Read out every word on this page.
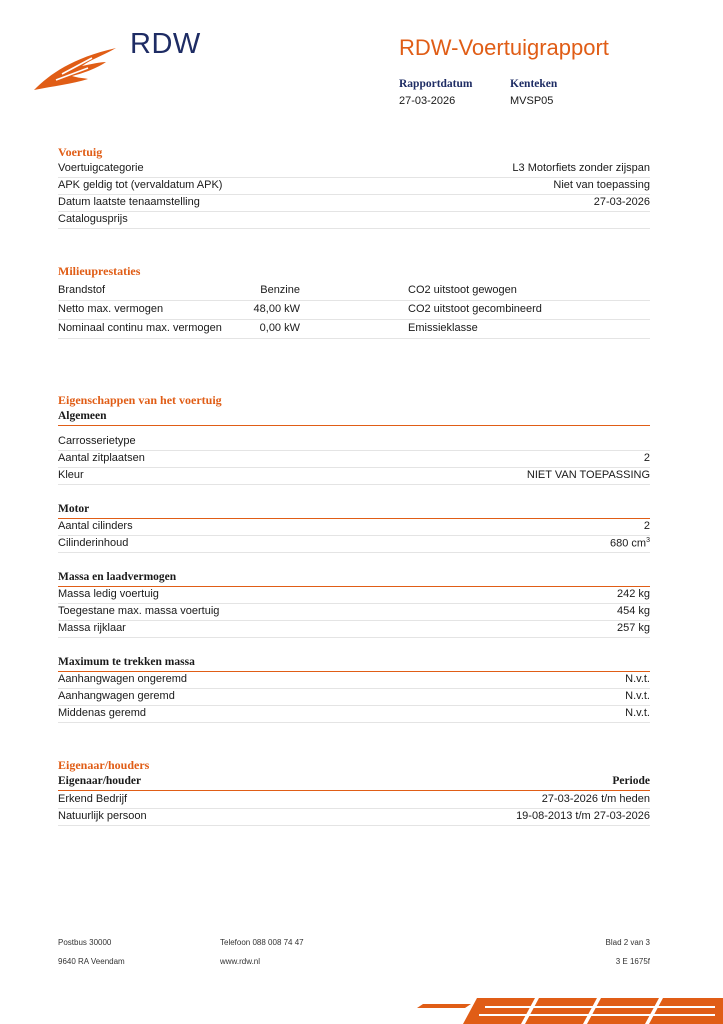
RDW	RDW-Voertuigrapport
Rapportdatum
27-03-2026
Kenteken
MVSP05
Voertuig
Voertuigcategorie	L3 Motorfiets zonder zijspan
APK geldig tot (vervaldatum APK)	Niet van toepassing
Datum laatste tenaamstelling	27-03-2026
Catalogusprijs
Milieuprestaties
Brandstof	Benzine	CO2 uitstoot gewogen
Netto max. vermogen	48,00 kW	CO2 uitstoot gecombineerd
Nominaal continu max. vermogen	0,00 kW	Emissieklasse
Eigenschappen van het voertuig
Algemeen
Carrosserietype
Aantal zitplaatsen	2
Kleur	NIET VAN TOEPASSING
Motor
Aantal cilinders	2
Cilinderinhoud	680 $cm^3$
Massa en laadvermogen
Massa ledig voertuig	242 kg
Toegestane max. massa voertuig	454 kg
Massa rijklaar	257 kg
Maximum te trekken massa
Aanhangwagen ongeremd	N.v.t.
Aanhangwagen geremd	N.v.t.
Middenas geremd	N.v.t.
Eigenaar/houders
Eigenaar/houder	Periode
Erkend Bedrijf	27-03-2026 t/m heden
Natuurlijk persoon	19-08-2013 t/m 27-03-2026
Postbus 30000
9640 RA Veendam
Telefoon 088 008 74 47
www.rdw.nl
Blad 2 van 3
3 E 1675f
